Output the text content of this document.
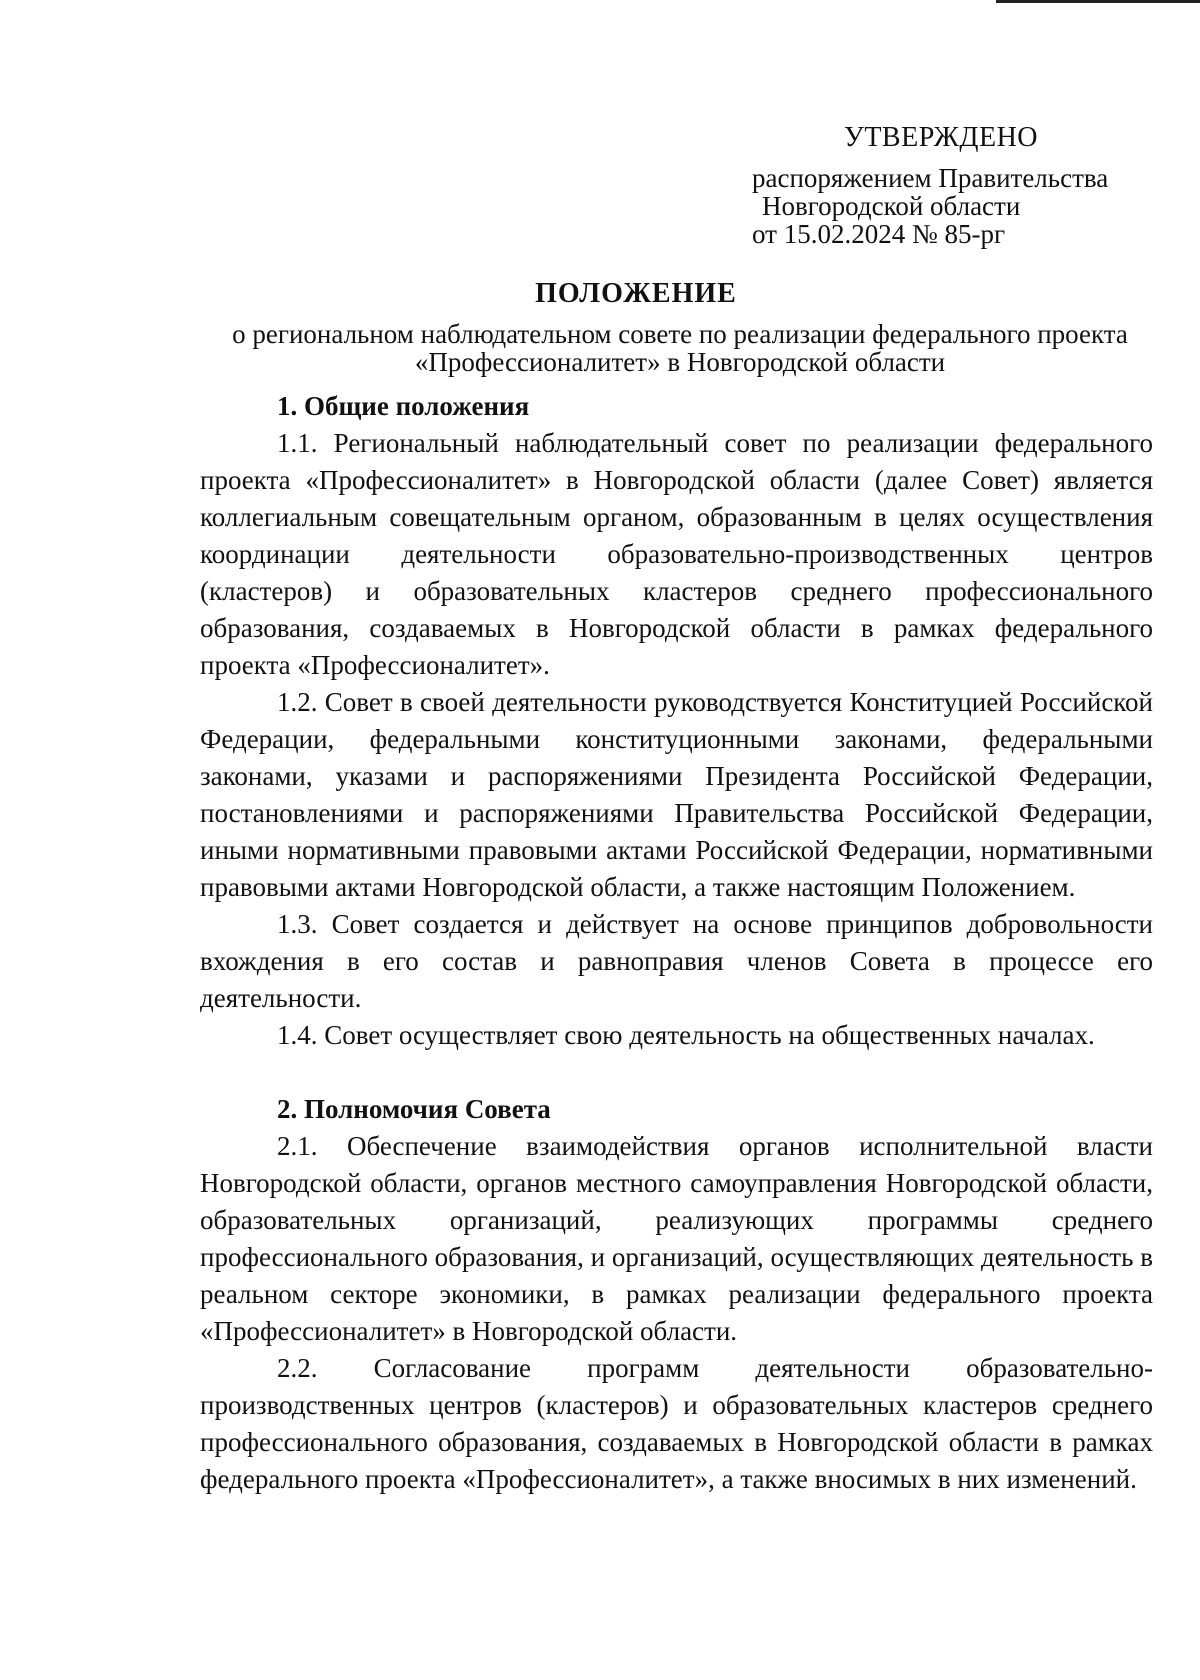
УТВЕРЖДЕНО
распоряжением Правительства
Новгородской области
от 15.02.2024 № 85-рг
ПОЛОЖЕНИЕ
о региональном наблюдательном совете по реализации федерального проекта
«Профессионалитет» в Новгородской области

1. Общие положения

1.1. Региональный наблюдательный совет по реализации федерального проекта «Профессионалитет» в Новгородской области (далее Совет) является коллегиальным совещательным органом, образованным в целях осуществления координации деятельности образовательно-производственных центров (кластеров) и образовательных кластеров среднего профессионального образования, создаваемых в Новгородской области в рамках федерального проекта «Профессионалитет».

1.2. Совет в своей деятельности руководствуется Конституцией Российской Федерации, федеральными конституционными законами, федеральными законами, указами и распоряжениями Президента Российской Федерации, постановлениями и распоряжениями Правительства Российской Федерации, иными нормативными правовыми актами Российской Федерации, нормативными правовыми актами Новгородской области, а также настоящим Положением.

1.3. Совет создается и действует на основе принципов добровольности вхождения в его состав и равноправия членов Совета в процессе его деятельности.

1.4. Совет осуществляет свою деятельность на общественных началах.

2. Полномочия Совета

2.1. Обеспечение взаимодействия органов исполнительной власти Новгородской области, органов местного самоуправления Новгородской области, образовательных организаций, реализующих программы среднего профессионального образования, и организаций, осуществляющих деятельность в реальном секторе экономики, в рамках реализации федерального проекта «Профессионалитет» в Новгородской области.

2.2. Согласование программ деятельности образовательно-производственных центров (кластеров) и образовательных кластеров среднего профессионального образования, создаваемых в Новгородской области в рамках федерального проекта «Профессионалитет», а также вносимых в них изменений.
